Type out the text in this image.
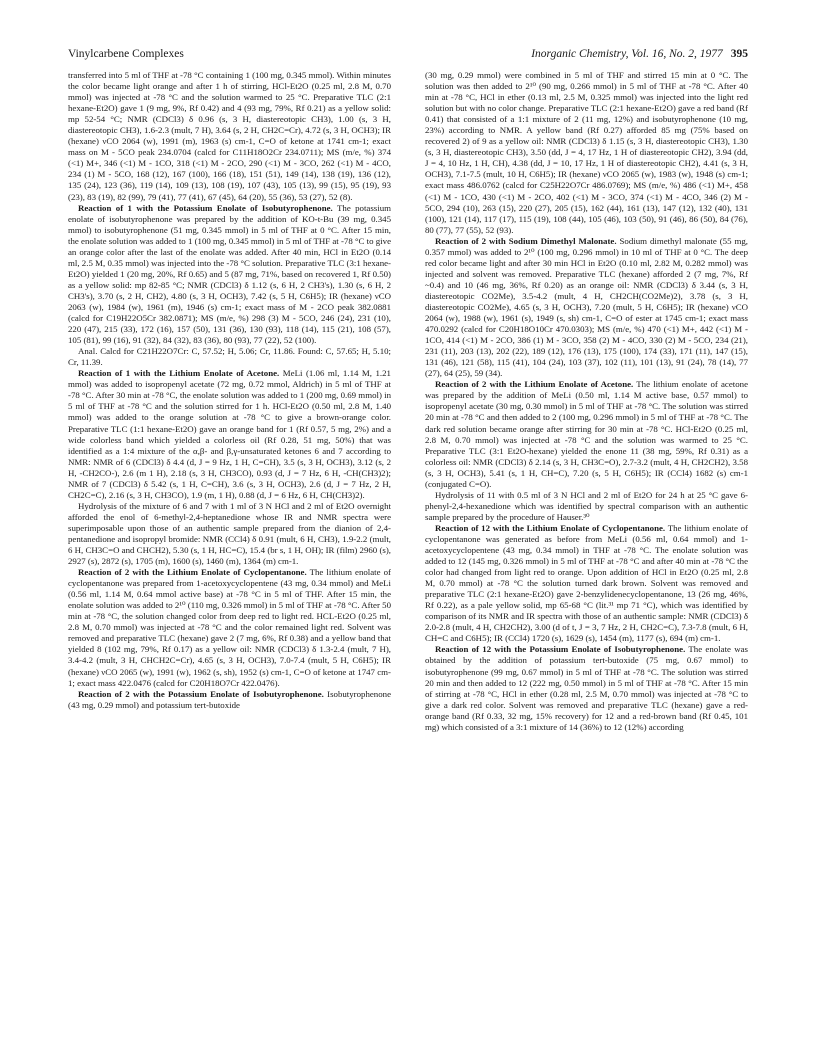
Vinylcarbene Complexes	Inorganic Chemistry, Vol. 16, No. 2, 1977 395

transferred into 5 ml of THF at -78 °C containing 1 (100 mg, 0.345 mmol). Within minutes the color became light orange and after 1 h of stirring, HCl-Et2O (0.25 ml, 2.8 M, 0.70 mmol) was injected at -78 °C and the solution warmed to 25 °C. Preparative TLC (2:1 hexane-Et2O) gave 1 (9 mg, 9%, Rf 0.42) and 4 (93 mg, 79%, Rf 0.21) as a yellow solid: mp 52-54 °C; NMR (CDCl3) δ 0.96 (s, 3 H, diastereotopic CH3), 1.00 (s, 3 H, diastereotopic CH3), 1.6-2.3 (mult, 7 H), 3.64 (s, 2 H, CH2C=Cr), 4.72 (s, 3 H, OCH3); IR (hexane) νCO 2064 (w), 1991 (m), 1963 (s) cm-1, C=O of ketone at 1741 cm-1; exact mass on M - 5CO peak 234.0704 (calcd for C11H18O2Cr 234.0711); MS (m/e, %) 374 (<1) M+, 346 (<1) M - 1CO, 318 (<1) M - 2CO, 290 (<1) M - 3CO, 262 (<1) M - 4CO, 234 (1) M - 5CO, 168 (12), 167 (100), 166 (18), 151 (51), 149 (14), 138 (19), 136 (12), 135 (24), 123 (36), 119 (14), 109 (13), 108 (19), 107 (43), 105 (13), 99 (15), 95 (19), 93 (23), 83 (19), 82 (99), 79 (41), 77 (41), 67 (45), 64 (20), 55 (36), 53 (27), 52 (8).

Reaction of 1 with the Potassium Enolate of Isobutyrophenone. The potassium enolate of isobutyrophenone was prepared by the addition of KO-t-Bu (39 mg, 0.345 mmol) to isobutyrophenone (51 mg, 0.345 mmol) in 5 ml of THF at 0 °C. After 15 min, the enolate solution was added to 1 (100 mg, 0.345 mmol) in 5 ml of THF at -78 °C to give an orange color after the last of the enolate was added. After 40 min, HCl in Et2O (0.14 ml, 2.5 M, 0.35 mmol) was injected into the -78 °C solution. Preparative TLC (3:1 hexane-Et2O) yielded 1 (20 mg, 20%, Rf 0.65) and 5 (87 mg, 71%, based on recovered 1, Rf 0.50) as a yellow solid: mp 82-85 °C; NMR (CDCl3) δ 1.12 (s, 6 H, 2 CH3's), 1.30 (s, 6 H, 2 CH3's), 3.70 (s, 2 H, CH2), 4.80 (s, 3 H, OCH3), 7.42 (s, 5 H, C6H5); IR (hexane) νCO 2063 (w), 1984 (w), 1961 (m), 1946 (s) cm-1; exact mass of M - 2CO peak 382.0881 (calcd for C19H22O5Cr 382.0871); MS (m/e, %) 298 (3) M - 5CO, 246 (24), 231 (10), 220 (47), 215 (33), 172 (16), 157 (50), 131 (36), 130 (93), 118 (14), 115 (21), 108 (57), 105 (81), 99 (16), 91 (32), 84 (32), 83 (36), 80 (93), 77 (22), 52 (100).

Anal. Calcd for C21H22O7Cr: C, 57.52; H, 5.06; Cr, 11.86. Found: C, 57.65; H, 5.10; Cr, 11.39.

Reaction of 1 with the Lithium Enolate of Acetone. MeLi (1.06 ml, 1.14 M, 1.21 mmol) was added to isopropenyl acetate (72 mg, 0.72 mmol, Aldrich) in 5 ml of THF at -78 °C. After 30 min at -78 °C, the enolate solution was added to 1 (200 mg, 0.69 mmol) in 5 ml of THF at -78 °C and the solution stirred for 1 h. HCl-Et2O (0.50 ml, 2.8 M, 1.40 mmol) was added to the orange solution at -78 °C to give a brown-orange color. Preparative TLC (1:1 hexane-Et2O) gave an orange band for 1 (Rf 0.57, 5 mg, 2%) and a wide colorless band which yielded a colorless oil (Rf 0.28, 51 mg, 50%) that was identified as a 1:4 mixture of the α,β- and β,γ-unsaturated ketones 6 and 7 according to NMR: NMR of 6 (CDCl3) δ 4.4 (d, J = 9 Hz, 1 H, C=CH), 3.5 (s, 3 H, OCH3), 3.12 (s, 2 H, -CH2CO-), 2.6 (m 1 H), 2.18 (s, 3 H, CH3CO), 0.93 (d, J = 7 Hz, 6 H, -CH(CH3)2); NMR of 7 (CDCl3) δ 5.42 (s, 1 H, C=CH), 3.6 (s, 3 H, OCH3), 2.6 (d, J = 7 Hz, 2 H, CH2C=C), 2.16 (s, 3 H, CH3CO), 1.9 (m, 1 H), 0.88 (d, J = 6 Hz, 6 H, CH(CH3)2).

Hydrolysis of the mixture of 6 and 7 with 1 ml of 3 N HCl and 2 ml of Et2O overnight afforded the enol of 6-methyl-2,4-heptanedione whose IR and NMR spectra were superimposable upon those of an authentic sample prepared from the dianion of 2,4-pentanedione and isopropyl bromide: NMR (CCl4) δ 0.91 (mult, 6 H, CH3), 1.9-2.2 (mult, 6 H, CH3C=O and CHCH2), 5.30 (s, 1 H, HC=C), 15.4 (br s, 1 H, OH); IR (film) 2960 (s), 2927 (s), 2872 (s), 1705 (m), 1600 (s), 1460 (m), 1364 (m) cm-1.

Reaction of 2 with the Lithium Enolate of Cyclopentanone. The lithium enolate of cyclopentanone was prepared from 1-acetoxycyclopentene (43 mg, 0.34 mmol) and MeLi (0.56 ml, 1.14 M, 0.64 mmol active base) at -78 °C in 5 ml of THF. After 15 min, the enolate solution was added to 2¹⁰ (110 mg, 0.326 mmol) in 5 ml of THF at -78 °C. After 50 min at -78 °C, the solution changed color from deep red to light red. HCL-Et2O (0.25 ml, 2.8 M, 0.70 mmol) was injected at -78 °C and the color remained light red. Solvent was removed and preparative TLC (hexane) gave 2 (7 mg, 6%, Rf 0.38) and a yellow band that yielded 8 (102 mg, 79%, Rf 0.17) as a yellow oil: NMR (CDCl3) δ 1.3-2.4 (mult, 7 H), 3.4-4.2 (mult, 3 H, CHCH2C=Cr), 4.65 (s, 3 H, OCH3), 7.0-7.4 (mult, 5 H, C6H5); IR (hexane) νCO 2065 (w), 1991 (w), 1962 (s, sh), 1952 (s) cm-1, C=O of ketone at 1747 cm-1; exact mass 422.0476 (calcd for C20H18O7Cr 422.0476).

Reaction of 2 with the Potassium Enolate of Isobutyrophenone. Isobutyrophenone (43 mg, 0.29 mmol) and potassium tert-butoxide

(30 mg, 0.29 mmol) were combined in 5 ml of THF and stirred 15 min at 0 °C. The solution was then added to 2¹⁰ (90 mg, 0.266 mmol) in 5 ml of THF at -78 °C. After 40 min at -78 °C, HCl in ether (0.13 ml, 2.5 M, 0.325 mmol) was injected into the light red solution but with no color change. Preparative TLC (2:1 hexane-Et2O) gave a red band (Rf 0.41) that consisted of a 1:1 mixture of 2 (11 mg, 12%) and isobutyrophenone (10 mg, 23%) according to NMR. A yellow band (Rf 0.27) afforded 85 mg (75% based on recovered 2) of 9 as a yellow oil: NMR (CDCl3) δ 1.15 (s, 3 H, diastereotopic CH3), 1.30 (s, 3 H, diastereotopic CH3), 3.50 (dd, J = 4, 17 Hz, 1 H of diastereotopic CH2), 3.94 (dd, J = 4, 10 Hz, 1 H, CH), 4.38 (dd, J = 10, 17 Hz, 1 H of diastereotopic CH2), 4.41 (s, 3 H, OCH3), 7.1-7.5 (mult, 10 H, C6H5); IR (hexane) νCO 2065 (w), 1983 (w), 1948 (s) cm-1; exact mass 486.0762 (calcd for C25H22O7Cr 486.0769); MS (m/e, %) 486 (<1) M+, 458 (<1) M - 1CO, 430 (<1) M - 2CO, 402 (<1) M - 3CO, 374 (<1) M - 4CO, 346 (2) M - 5CO, 294 (10), 263 (15), 220 (27), 205 (15), 162 (44), 161 (13), 147 (12), 132 (40), 131 (100), 121 (14), 117 (17), 115 (19), 108 (44), 105 (46), 103 (50), 91 (46), 86 (50), 84 (76), 80 (77), 77 (55), 52 (93).

Reaction of 2 with Sodium Dimethyl Malonate. Sodium dimethyl malonate (55 mg, 0.357 mmol) was added to 2¹⁰ (100 mg, 0.296 mmol) in 10 ml of THF at 0 °C. The deep red color became light and after 30 min HCl in Et2O (0.10 ml, 2.82 M, 0.282 mmol) was injected and solvent was removed. Preparative TLC (hexane) afforded 2 (7 mg, 7%, Rf ~0.4) and 10 (46 mg, 36%, Rf 0.20) as an orange oil: NMR (CDCl3) δ 3.44 (s, 3 H, diastereotopic CO2Me), 3.5-4.2 (mult, 4 H, CH2CH(CO2Me)2), 3.78 (s, 3 H, diastereotopic CO2Me), 4.65 (s, 3 H, OCH3), 7.20 (mult, 5 H, C6H5); IR (hexane) νCO 2064 (w), 1988 (w), 1961 (s), 1949 (s, sh) cm-1, C=O of ester at 1745 cm-1; exact mass 470.0292 (calcd for C20H18O10Cr 470.0303); MS (m/e, %) 470 (<1) M+, 442 (<1) M - 1CO, 414 (<1) M - 2CO, 386 (1) M - 3CO, 358 (2) M - 4CO, 330 (2) M - 5CO, 234 (21), 231 (11), 203 (13), 202 (22), 189 (12), 176 (13), 175 (100), 174 (33), 171 (11), 147 (15), 131 (46), 121 (58), 115 (41), 104 (24), 103 (37), 102 (11), 101 (13), 91 (24), 78 (14), 77 (27), 64 (25), 59 (34).

Reaction of 2 with the Lithium Enolate of Acetone. The lithium enolate of acetone was prepared by the addition of MeLi (0.50 ml, 1.14 M active base, 0.57 mmol) to isopropenyl acetate (30 mg, 0.30 mmol) in 5 ml of THF at -78 °C. The solution was stirred 20 min at -78 °C and then added to 2 (100 mg, 0.296 mmol) in 5 ml of THF at -78 °C. The dark red solution became orange after stirring for 30 min at -78 °C. HCl-Et2O (0.25 ml, 2.8 M, 0.70 mmol) was injected at -78 °C and the solution was warmed to 25 °C. Preparative TLC (3:1 Et2O-hexane) yielded the enone 11 (38 mg, 59%, Rf 0.31) as a colorless oil: NMR (CDCl3) δ 2.14 (s, 3 H, CH3C=O), 2.7-3.2 (mult, 4 H, CH2CH2), 3.58 (s, 3 H, OCH3), 5.41 (s, 1 H, CH=C), 7.20 (s, 5 H, C6H5); IR (CCl4) 1682 (s) cm-1 (conjugated C=O).

Hydrolysis of 11 with 0.5 ml of 3 N HCl and 2 ml of Et2O for 24 h at 25 °C gave 6-phenyl-2,4-hexanedione which was identified by spectral comparison with an authentic sample prepared by the procedure of Hauser.³⁰

Reaction of 12 with the Lithium Enolate of Cyclopentanone. The lithium enolate of cyclopentanone was generated as before from MeLi (0.56 ml, 0.64 mmol) and 1-acetoxycyclopentene (43 mg, 0.34 mmol) in THF at -78 °C. The enolate solution was added to 12 (145 mg, 0.326 mmol) in 5 ml of THF at -78 °C and after 40 min at -78 °C the color had changed from light red to orange. Upon addition of HCl in Et2O (0.25 ml, 2.8 M, 0.70 mmol) at -78 °C the solution turned dark brown. Solvent was removed and preparative TLC (2:1 hexane-Et2O) gave 2-benzylidenecyclopentanone, 13 (26 mg, 46%, Rf 0.22), as a pale yellow solid, mp 65-68 °C (lit.³¹ mp 71 °C), which was identified by comparison of its NMR and IR spectra with those of an authentic sample: NMR (CDCl3) δ 2.0-2.8 (mult, 4 H, CH2CH2), 3.00 (d of t, J = 3, 7 Hz, 2 H, CH2C=C), 7.3-7.8 (mult, 6 H, CH=C and C6H5); IR (CCl4) 1720 (s), 1629 (s), 1454 (m), 1177 (s), 694 (m) cm-1.

Reaction of 12 with the Potassium Enolate of Isobutyrophenone. The enolate was obtained by the addition of potassium tert-butoxide (75 mg, 0.67 mmol) to isobutyrophenone (99 mg, 0.67 mmol) in 5 ml of THF at -78 °C. The solution was stirred 20 min and then added to 12 (222 mg, 0.50 mmol) in 5 ml of THF at -78 °C. After 15 min of stirring at -78 °C, HCl in ether (0.28 ml, 2.5 M, 0.70 mmol) was injected at -78 °C to give a dark red color. Solvent was removed and preparative TLC (hexane) gave a red-orange band (Rf 0.33, 32 mg, 15% recovery) for 12 and a red-brown band (Rf 0.45, 101 mg) which consisted of a 3:1 mixture of 14 (36%) to 12 (12%) according
